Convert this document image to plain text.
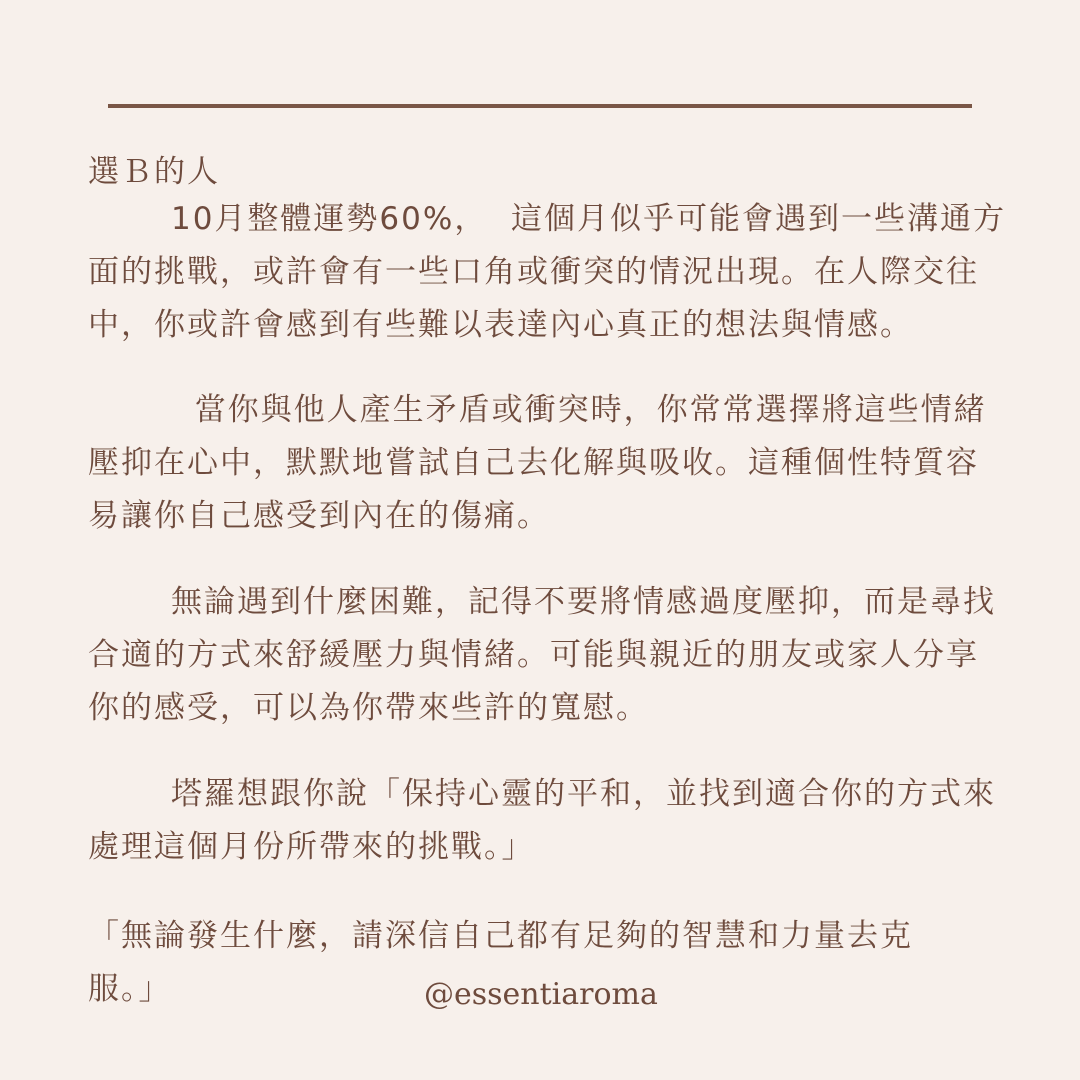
選Ｂ的人
10月整體運勢60%，  這個月似乎可能會遇到一些溝通方面的挑戰，或許會有一些口角或衝突的情況出現。在人際交往中，你或許會感到有些難以表達內心真正的想法與情感。
當你與他人產生矛盾或衝突時，你常常選擇將這些情緒壓抑在心中，默默地嘗試自己去化解與吸收。這種個性特質容易讓你自己感受到內在的傷痛。
無論遇到什麼困難，記得不要將情感過度壓抑，而是尋找合適的方式來舒緩壓力與情緒。可能與親近的朋友或家人分享你的感受，可以為你帶來些許的寬慰。
塔羅想跟你說「保持心靈的平和，並找到適合你的方式來處理這個月份所帶來的挑戰。」
「無論發生什麼，請深信自己都有足夠的智慧和力量去克服。」	@essentiaroma
